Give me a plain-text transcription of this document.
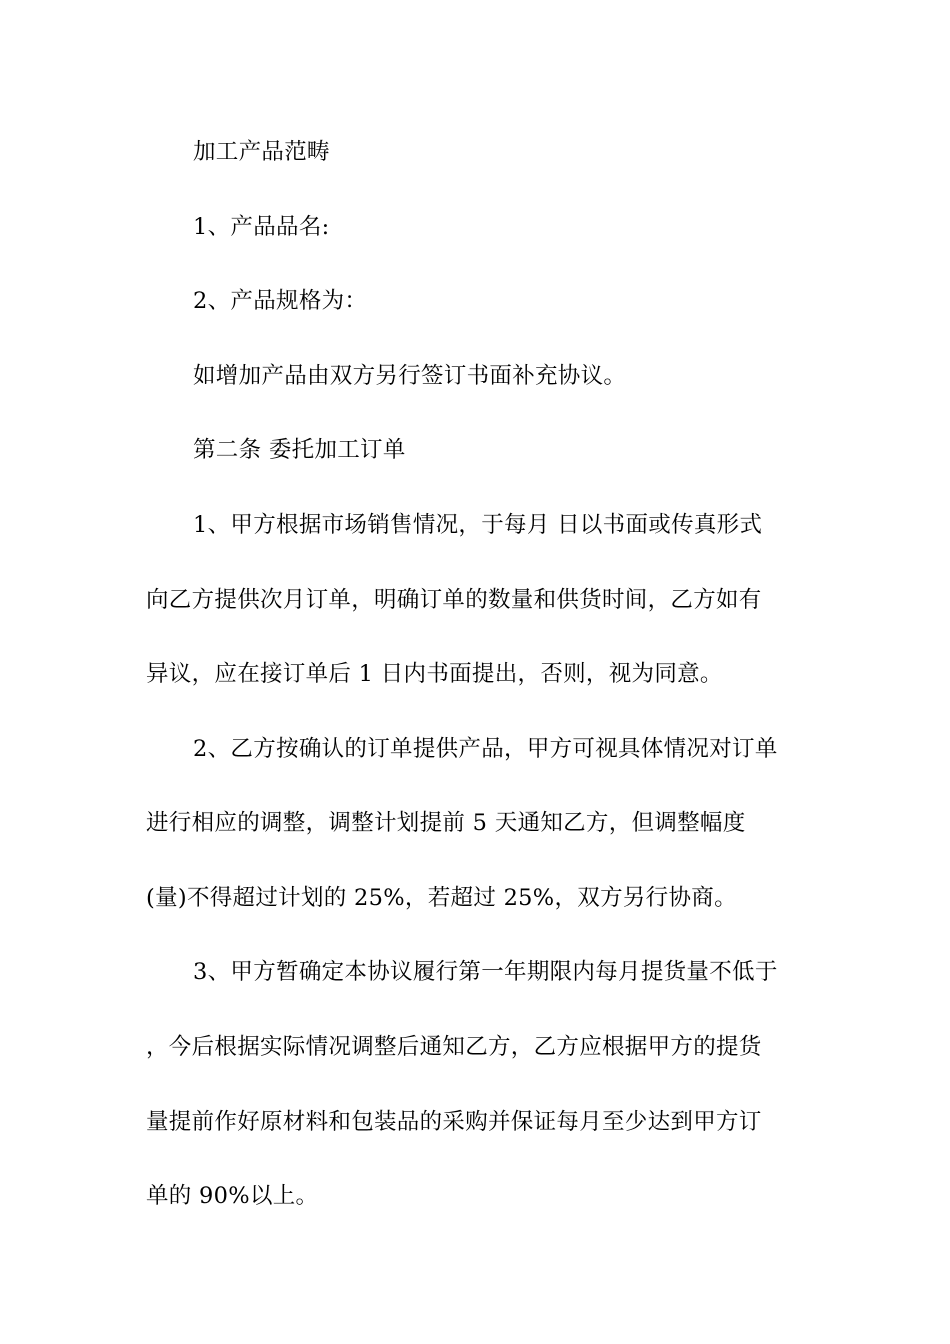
加工产品范畴
1、产品品名:
2、产品规格为：
如增加产品由双方另行签订书面补充协议。
第二条 委托加工订单
1、甲方根据市场销售情况，于每月 日以书面或传真形式
向乙方提供次月订单，明确订单的数量和供货时间，乙方如有
异议，应在接订单后 1 日内书面提出，否则，视为同意。
2、乙方按确认的订单提供产品，甲方可视具体情况对订单
进行相应的调整，调整计划提前 5 天通知乙方，但调整幅度
(量)不得超过计划的 25%，若超过 25%，双方另行协商。
3、甲方暂确定本协议履行第一年期限内每月提货量不低于
，今后根据实际情况调整后通知乙方，乙方应根据甲方的提货
量提前作好原材料和包装品的采购并保证每月至少达到甲方订
单的 90%以上。
